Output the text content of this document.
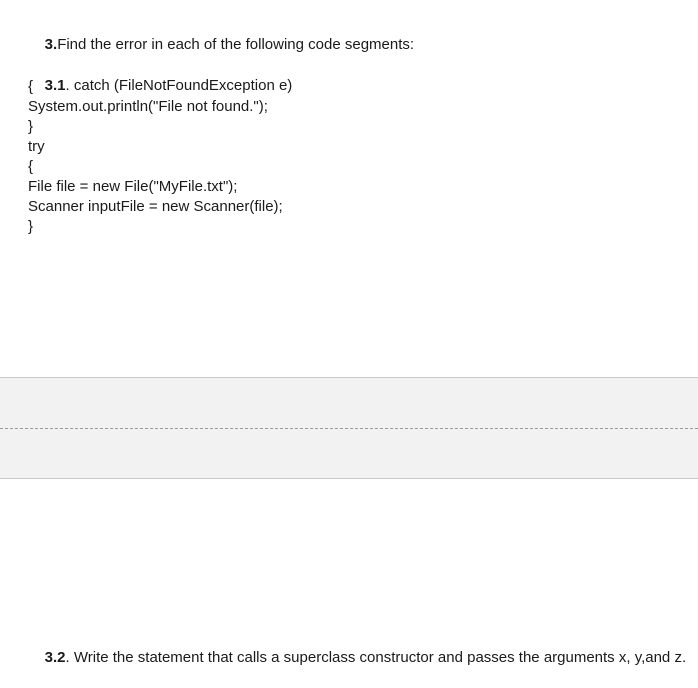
3.Find the error in each of the following code segments:

3.1. catch (FileNotFoundException e)

{
System.out.println("File not found.");
}
try
{
File file = new File("MyFile.txt");
Scanner inputFile = new Scanner(file);
}

3.2. Write the statement that calls a superclass constructor and passes the arguments x, y,and z.
